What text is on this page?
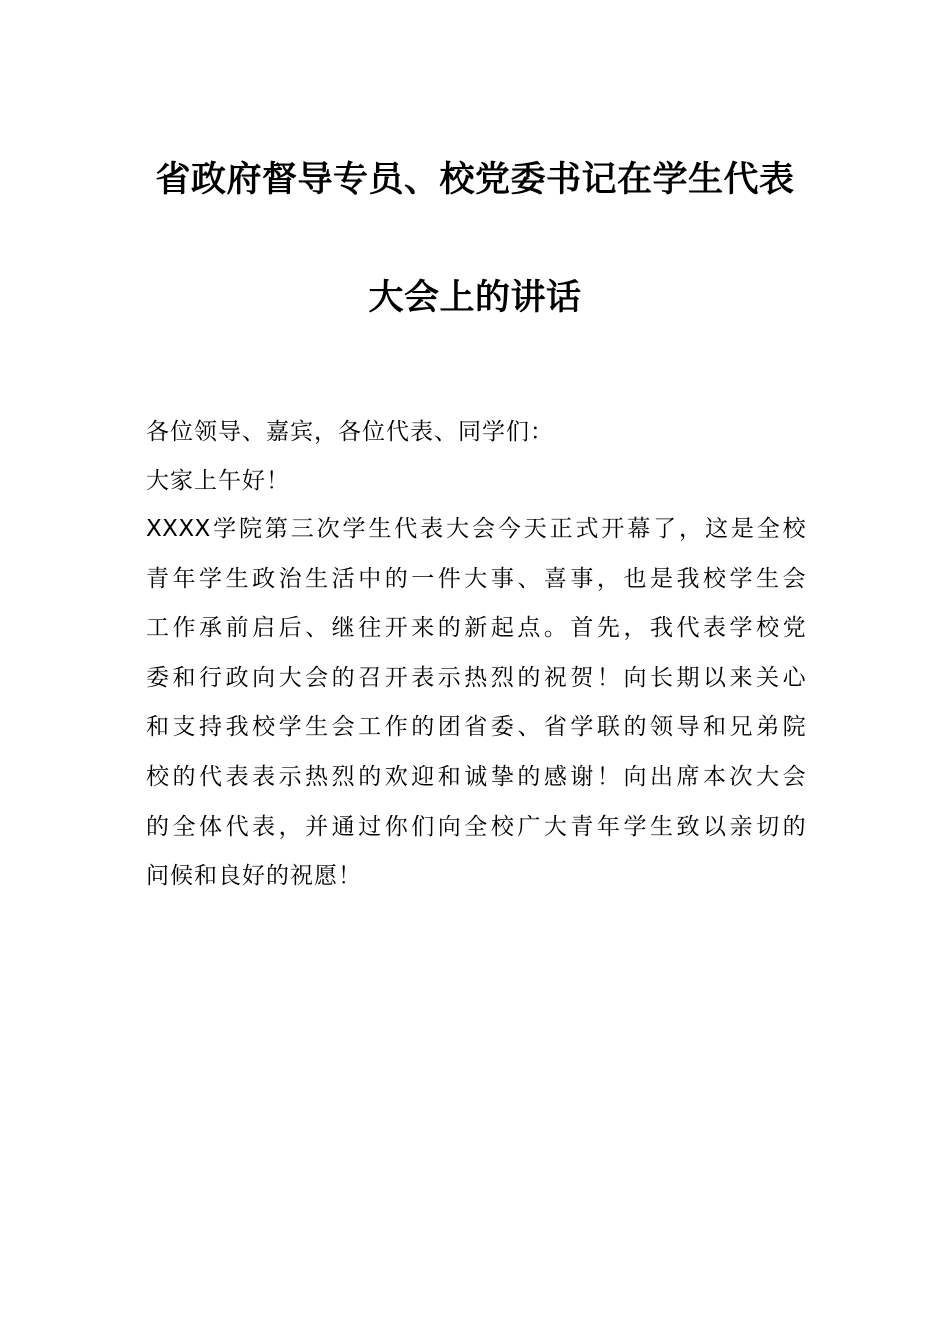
省政府督导专员、校党委书记在学生代表
大会上的讲话
各位领导、嘉宾，各位代表、同学们：
大家上午好！
XXXX学院第三次学生代表大会今天正式开幕了，这是全校
青年学生政治生活中的一件大事、喜事，也是我校学生会
工作承前启后、继往开来的新起点。首先，我代表学校党
委和行政向大会的召开表示热烈的祝贺！向长期以来关心
和支持我校学生会工作的团省委、省学联的领导和兄弟院
校的代表表示热烈的欢迎和诚挚的感谢！向出席本次大会
的全体代表，并通过你们向全校广大青年学生致以亲切的
问候和良好的祝愿！
